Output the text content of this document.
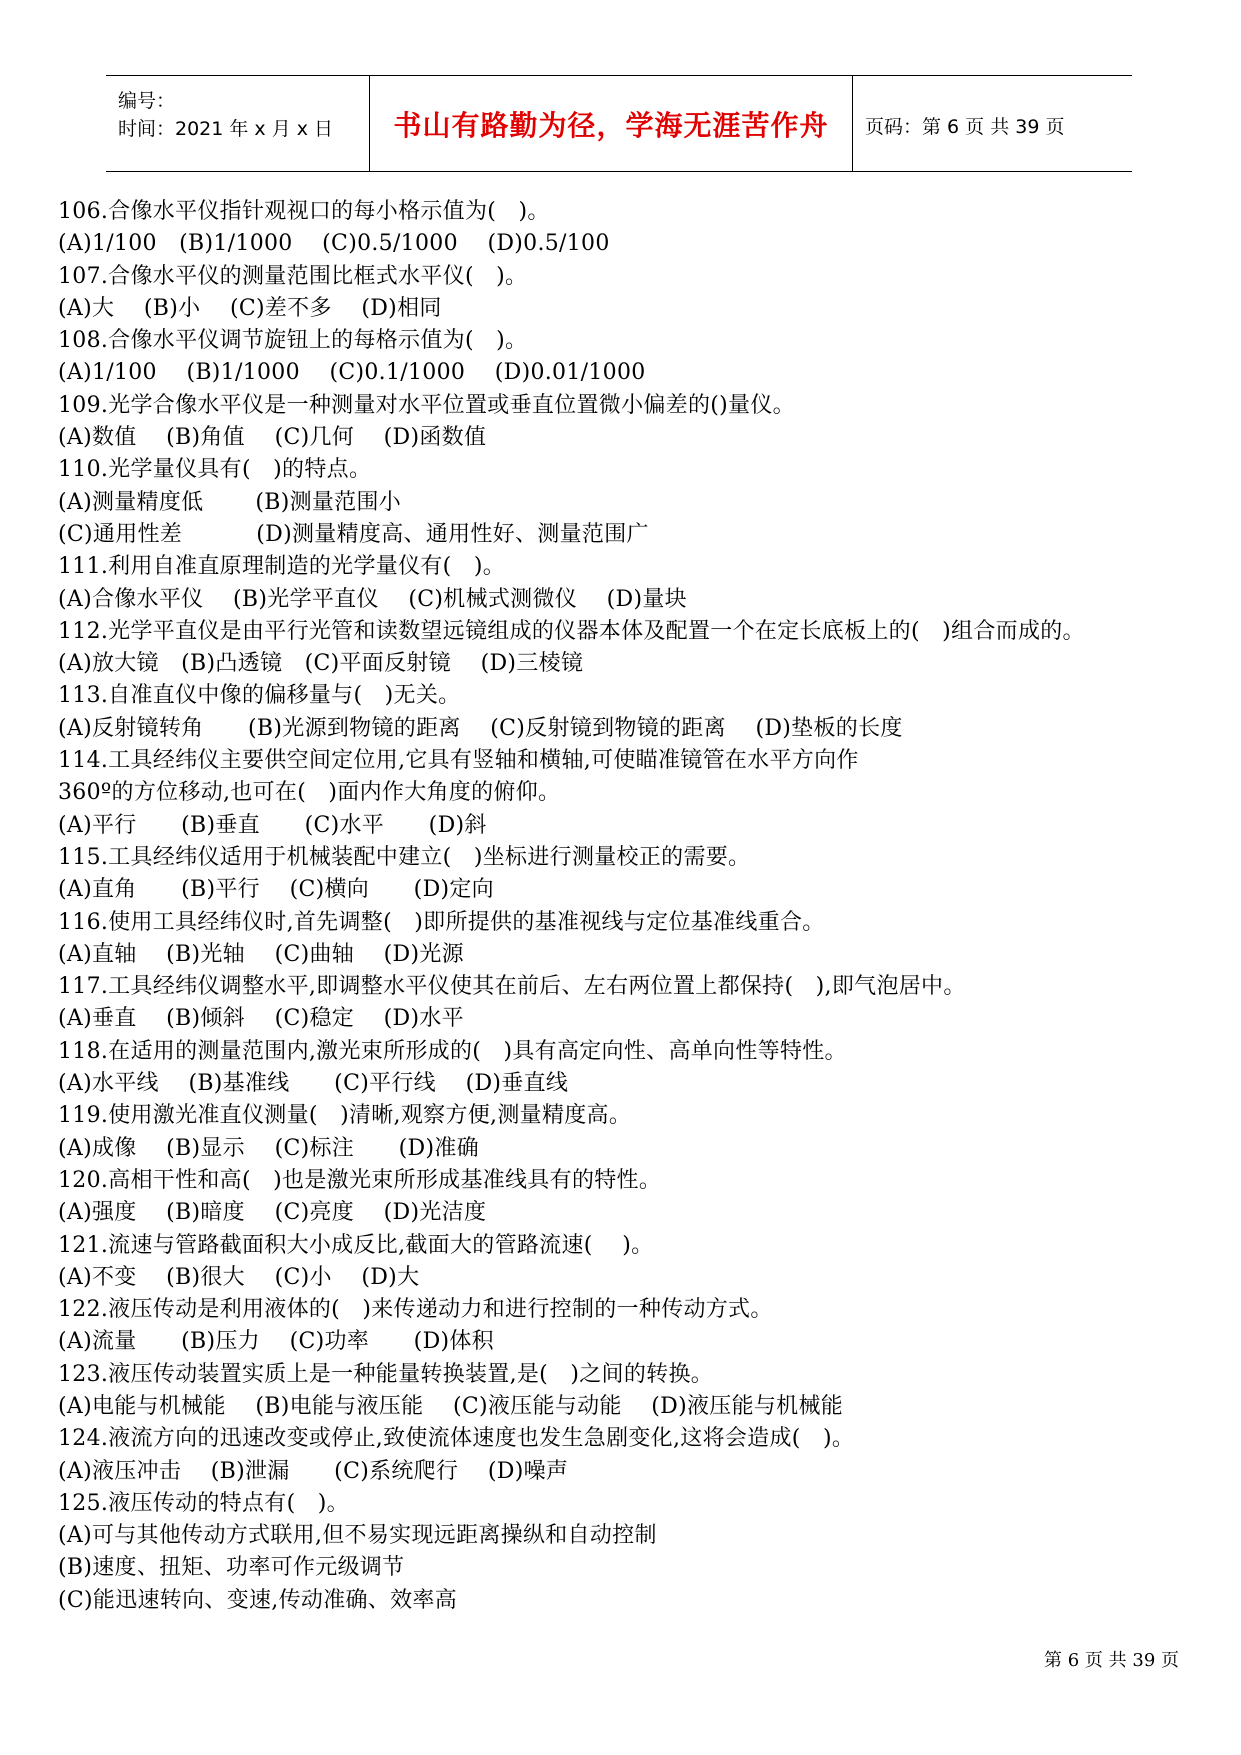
编号：
时间：2021 年 x 月 x 日	书山有路勤为径，学海无涯苦作舟	页码：第 6 页 共 39 页
106.合像水平仪指针观视口的每小格示值为(　)。
(A)1/100　(B)1/1000　 (C)0.5/1000　 (D)0.5/100
107.合像水平仪的测量范围比框式水平仪(　)。
(A)大　 (B)小　 (C)差不多　 (D)相同
108.合像水平仪调节旋钮上的每格示值为(　)。
(A)1/100　 (B)1/1000　 (C)0.1/1000　 (D)0.01/1000
109.光学合像水平仪是一种测量对水平位置或垂直位置微小偏差的()量仪。
(A)数值　 (B)角值　 (C)几何　 (D)函数值
110.光学量仪具有(　)的特点。
(A)测量精度低　　 (B)测量范围小
(C)通用性差　　　 (D)测量精度高、通用性好、测量范围广
111.利用自准直原理制造的光学量仪有(　)。
(A)合像水平仪　 (B)光学平直仪　 (C)机械式测微仪　 (D)量块
112.光学平直仪是由平行光管和读数望远镜组成的仪器本体及配置一个在定长底板上的(　)组合而成的。
(A)放大镜　(B)凸透镜　(C)平面反射镜　 (D)三棱镜
113.自准直仪中像的偏移量与(　)无关。
(A)反射镜转角　　(B)光源到物镜的距离　 (C)反射镜到物镜的距离　 (D)垫板的长度
114.工具经纬仪主要供空间定位用,它具有竖轴和横轴,可使瞄准镜管在水平方向作
360º的方位移动,也可在(　)面内作大角度的俯仰。
(A)平行　　(B)垂直　　(C)水平　　(D)斜
115.工具经纬仪适用于机械装配中建立(　)坐标进行测量校正的需要。
(A)直角　　(B)平行　 (C)横向　　(D)定向
116.使用工具经纬仪时,首先调整(　)即所提供的基准视线与定位基准线重合。
(A)直轴　 (B)光轴　 (C)曲轴　 (D)光源
117.工具经纬仪调整水平,即调整水平仪使其在前后、左右两位置上都保持(　),即气泡居中。
(A)垂直　 (B)倾斜　 (C)稳定　 (D)水平
118.在适用的测量范围内,激光束所形成的(　)具有高定向性、高单向性等特性。
(A)水平线　 (B)基准线　　(C)平行线　 (D)垂直线
119.使用激光准直仪测量(　)清晰,观察方便,测量精度高。
(A)成像　 (B)显示　 (C)标注　　(D)准确
120.高相干性和高(　)也是激光束所形成基准线具有的特性。
(A)强度　 (B)暗度　 (C)亮度　 (D)光洁度
121.流速与管路截面积大小成反比,截面大的管路流速(　 )。
(A)不变　 (B)很大　 (C)小　 (D)大
122.液压传动是利用液体的(　)来传递动力和进行控制的一种传动方式。
(A)流量　　(B)压力　 (C)功率　　(D)体积
123.液压传动装置实质上是一种能量转换装置,是(　)之间的转换。
(A)电能与机械能　 (B)电能与液压能　 (C)液压能与动能　 (D)液压能与机械能
124.液流方向的迅速改变或停止,致使流体速度也发生急剧变化,这将会造成(　)。
(A)液压冲击　 (B)泄漏　　(C)系统爬行　 (D)噪声
125.液压传动的特点有(　)。
(A)可与其他传动方式联用,但不易实现远距离操纵和自动控制
(B)速度、扭矩、功率可作元级调节
(C)能迅速转向、变速,传动准确、效率高
第 6 页 共 39 页
